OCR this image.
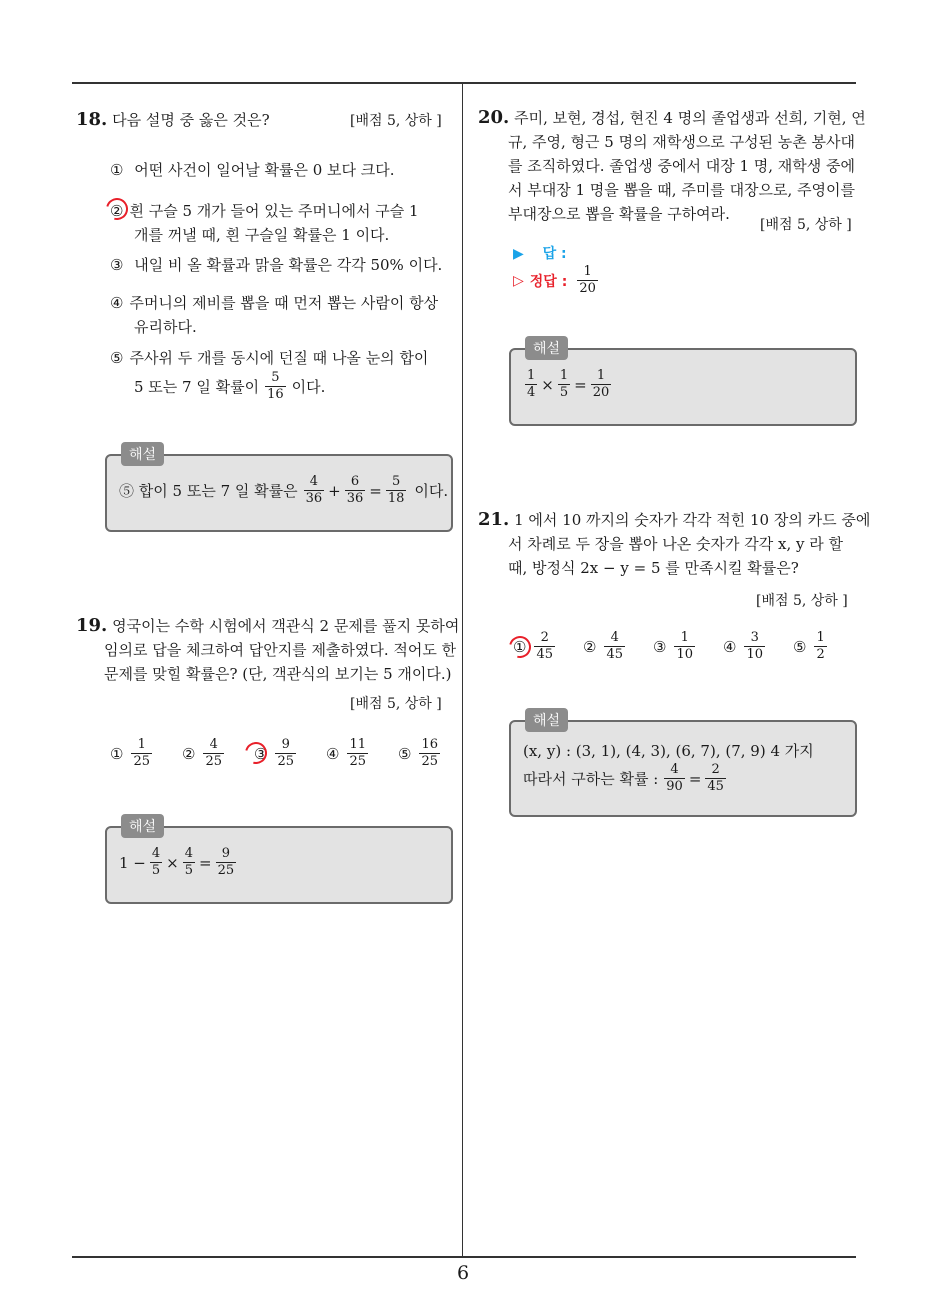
6
18. 다음 설명 중 옳은 것은?	[배점 5, 상하 ]
① 어떤 사건이 일어날 확률은 0 보다 크다.
② 흰 구슬 5 개가 들어 있는 주머니에서 구슬 1
개를 꺼낼 때, 흰 구슬일 확률은 1 이다.
③ 내일 비 올 확률과 맑을 확률은 각각 50% 이다.
④ 주머니의 제비를 뽑을 때 먼저 뽑는 사람이 항상
유리하다.
⑤ 주사위 두 개를 동시에 던질 때 나올 눈의 합이
5 또는 7 일 확률이 $\frac{5}{16}$ 이다.
해설
⑤ 합이 5 또는 7 일 확률은 $\frac{4}{36} + \frac{6}{36} = \frac{5}{18}$ 이다.
19. 영국이는 수학 시험에서 객관식 2 문제를 풀지 못하여
임의로 답을 체크하여 답안지를 제출하였다. 적어도 한
문제를 맞힐 확률은? (단, 객관식의 보기는 5 개이다.)
[배점 5, 상하 ]
① $\frac{1}{25}$ ② $\frac{4}{25}$ ③ $\frac{9}{25}$ ④ $\frac{11}{25}$ ⑤ $\frac{16}{25}$
해설
$1 - \frac{4}{5} \times \frac{4}{5} = \frac{9}{25}$
20. 주미, 보현, 경섭, 현진 4 명의 졸업생과 선희, 기현, 연
규, 주영, 형근 5 명의 재학생으로 구성된 농촌 봉사대
를 조직하였다. 졸업생 중에서 대장 1 명, 재학생 중에
서 부대장 1 명을 뽑을 때, 주미를 대장으로, 주영이를
부대장으로 뽑을 확률을 구하여라.
[배점 5, 상하 ]
▶ 답 :
▷ 정답 : $\frac{1}{20}$
해설
$\frac{1}{4} \times \frac{1}{5} = \frac{1}{20}$
21. 1 에서 10 까지의 숫자가 각각 적힌 10 장의 카드 중에
서 차례로 두 장을 뽑아 나온 숫자가 각각 x, y 라 할
때, 방정식 2x − y = 5 를 만족시킬 확률은?
[배점 5, 상하 ]
① $\frac{2}{45}$ ② $\frac{4}{45}$ ③ $\frac{1}{10}$ ④ $\frac{3}{10}$ ⑤ $\frac{1}{2}$
해설
(x, y) : (3, 1), (4, 3), (6, 7), (7, 9) 4 가지
따라서 구하는 확률 : $\frac{4}{90} = \frac{2}{45}$
